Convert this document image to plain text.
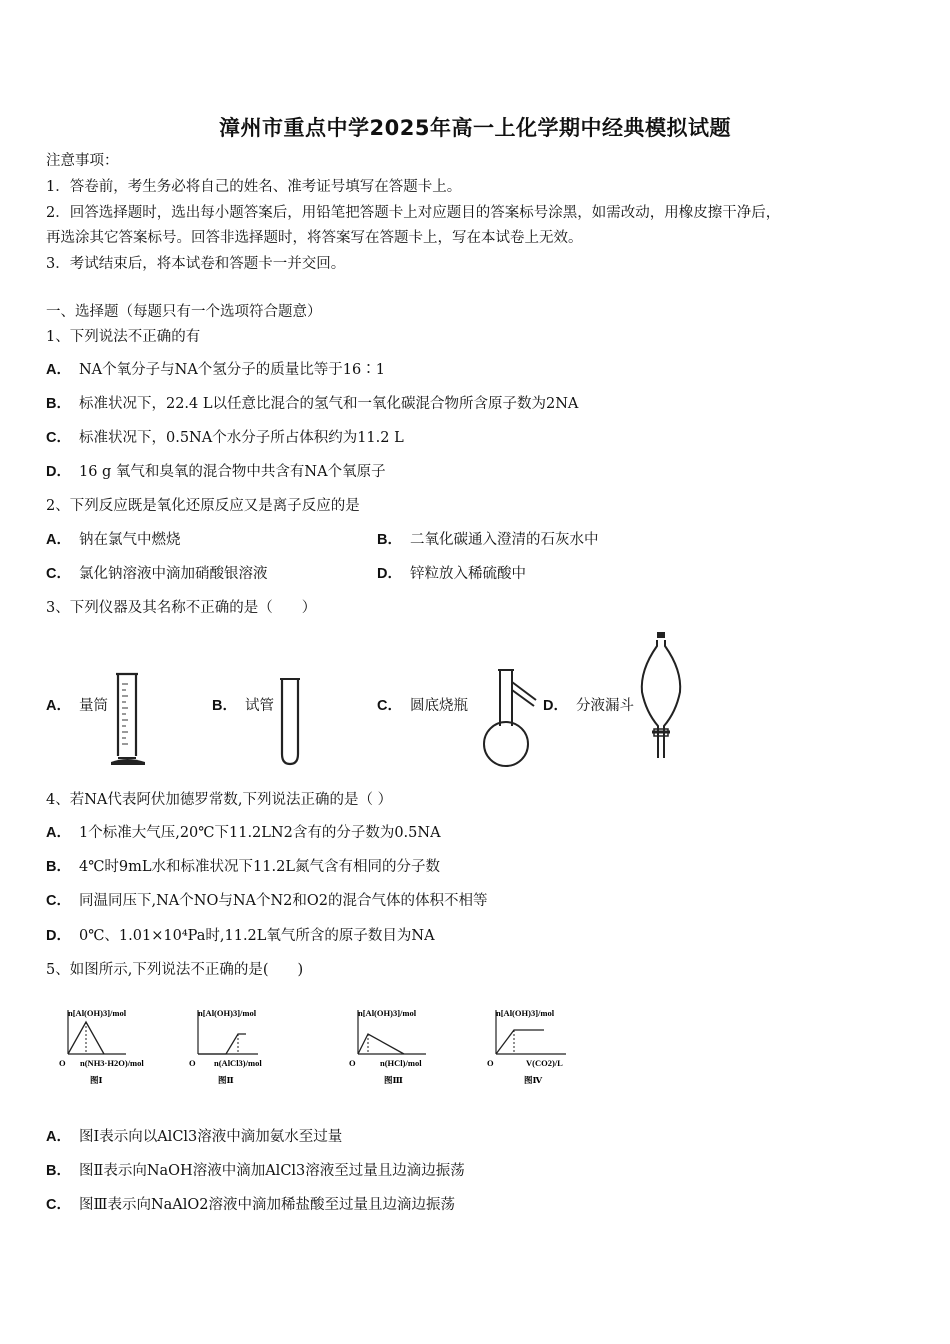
漳州市重点中学2025年高一上化学期中经典模拟试题
注意事项：
1．答卷前，考生务必将自己的姓名、准考证号填写在答题卡上。
2．回答选择题时，选出每小题答案后，用铅笔把答题卡上对应题目的答案标号涂黑，如需改动，用橡皮擦干净后，
再选涂其它答案标号。回答非选择题时，将答案写在答题卡上，写在本试卷上无效。
3．考试结束后，将本试卷和答题卡一并交回。
一、选择题（每题只有一个选项符合题意）
1、下列说法不正确的有
A． NA个氧分子与NA个氢分子的质量比等于16∶1
B． 标准状况下，22.4 L以任意比混合的氢气和一氧化碳混合物所含原子数为2NA
C． 标准状况下，0.5NA个水分子所占体积约为11.2 L
D． 16 g 氧气和臭氧的混合物中共含有NA个氧原子
2、下列反应既是氧化还原反应又是离子反应的是
A． 钠在氯气中燃烧	B． 二氧化碳通入澄清的石灰水中
C． 氯化钠溶液中滴加硝酸银溶液	D． 锌粒放入稀硫酸中
3、下列仪器及其名称不正确的是（　　）
A． 量筒	B． 试管	C． 圆底烧瓶	D． 分液漏斗
4、若NA代表阿伏加德罗常数,下列说法正确的是（ ）
A． 1个标准大气压,20℃下11.2LN2含有的分子数为0.5NA
B． 4℃时9mL水和标准状况下11.2L氮气含有相同的分子数
C． 同温同压下,NA个NO与NA个N2和O2的混合气体的体积不相等
D． 0℃、1.01×10⁴Pa时,11.2L氧气所含的原子数目为NA
5、如图所示,下列说法不正确的是(　　)
n[Al(OH)3]/mol
O n(NH3·H2O)/mol
图Ⅰ
n[Al(OH)3]/mol
O n(AlCl3)/mol
图Ⅱ
n[Al(OH)3]/mol
O	n(HCl)/mol
图Ⅲ
n[Al(OH)3]/mol
O	V(CO2)/L
图Ⅳ
A． 图Ⅰ表示向以AlCl3溶液中滴加氨水至过量
B． 图Ⅱ表示向NaOH溶液中滴加AlCl3溶液至过量且边滴边振荡
C． 图Ⅲ表示向NaAlO2溶液中滴加稀盐酸至过量且边滴边振荡
